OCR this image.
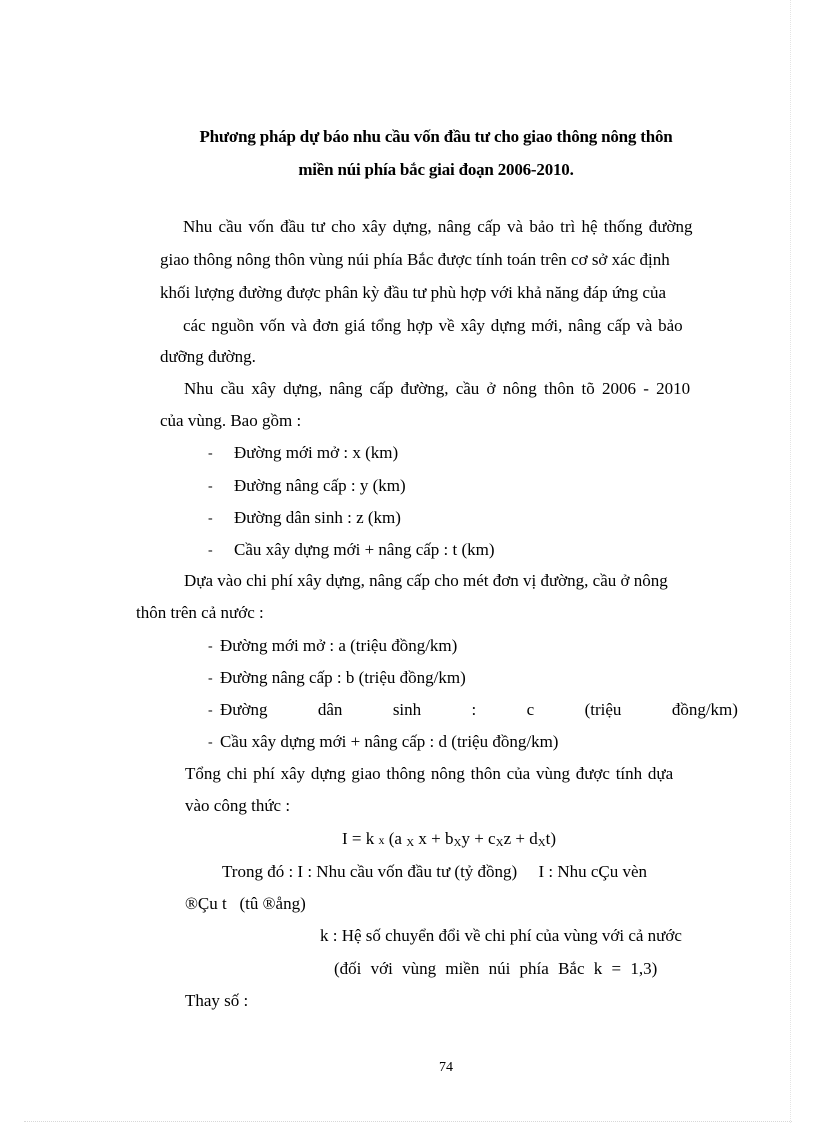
Phương pháp dự báo nhu cầu vốn đầu tư cho giao thông nông thôn
miền núi phía bắc giai đoạn 2006-2010.
Nhu cầu vốn đầu tư cho xây dựng, nâng cấp và bảo trì hệ thống đường
giao thông nông thôn vùng núi phía Bắc được tính toán trên cơ sở xác định
khối lượng đường được phân kỳ đầu tư phù hợp với khả năng đáp ứng của
các nguồn vốn và đơn giá tổng hợp về xây dựng mới, nâng cấp và bảo
dưỡng đường.
Nhu cầu xây dựng, nâng cấp đường, cầu ở nông thôn tõ 2006 - 2010
của vùng. Bao gồm :
- Đường mới mở : x (km)
- Đường nâng cấp : y (km)
- Đường dân sinh : z (km)
- Cầu xây dựng mới + nâng cấp : t (km)
Dựa vào chi phí xây dựng, nâng cấp cho mét đơn vị đường, cầu ở nông
thôn trên cả nước :
- Đường mới mở : a (triệu đồng/km)
- Đường nâng cấp : b (triệu đồng/km)
- Đường	dân	sinh	:	c	(triệu	đồng/km)
- Cầu xây dựng mới + nâng cấp : d (triệu đồng/km)
Tổng chi phí xây dựng giao thông nông thôn của vùng được tính dựa
vào công thức :
I = k x (a $_X$ $x + b_Xy + c_Xz + d_Xt$)
Trong đó : I : Nhu cầu vốn đầu tư (tỷ đồng)     I : Nhu cÇu vèn
®Çu t   (tû ®ång)
k : Hệ số chuyển đổi về chi phí của vùng với cả nước
(đối với vùng miền núi phía Bắc k = 1,3)
Thay số :
74
